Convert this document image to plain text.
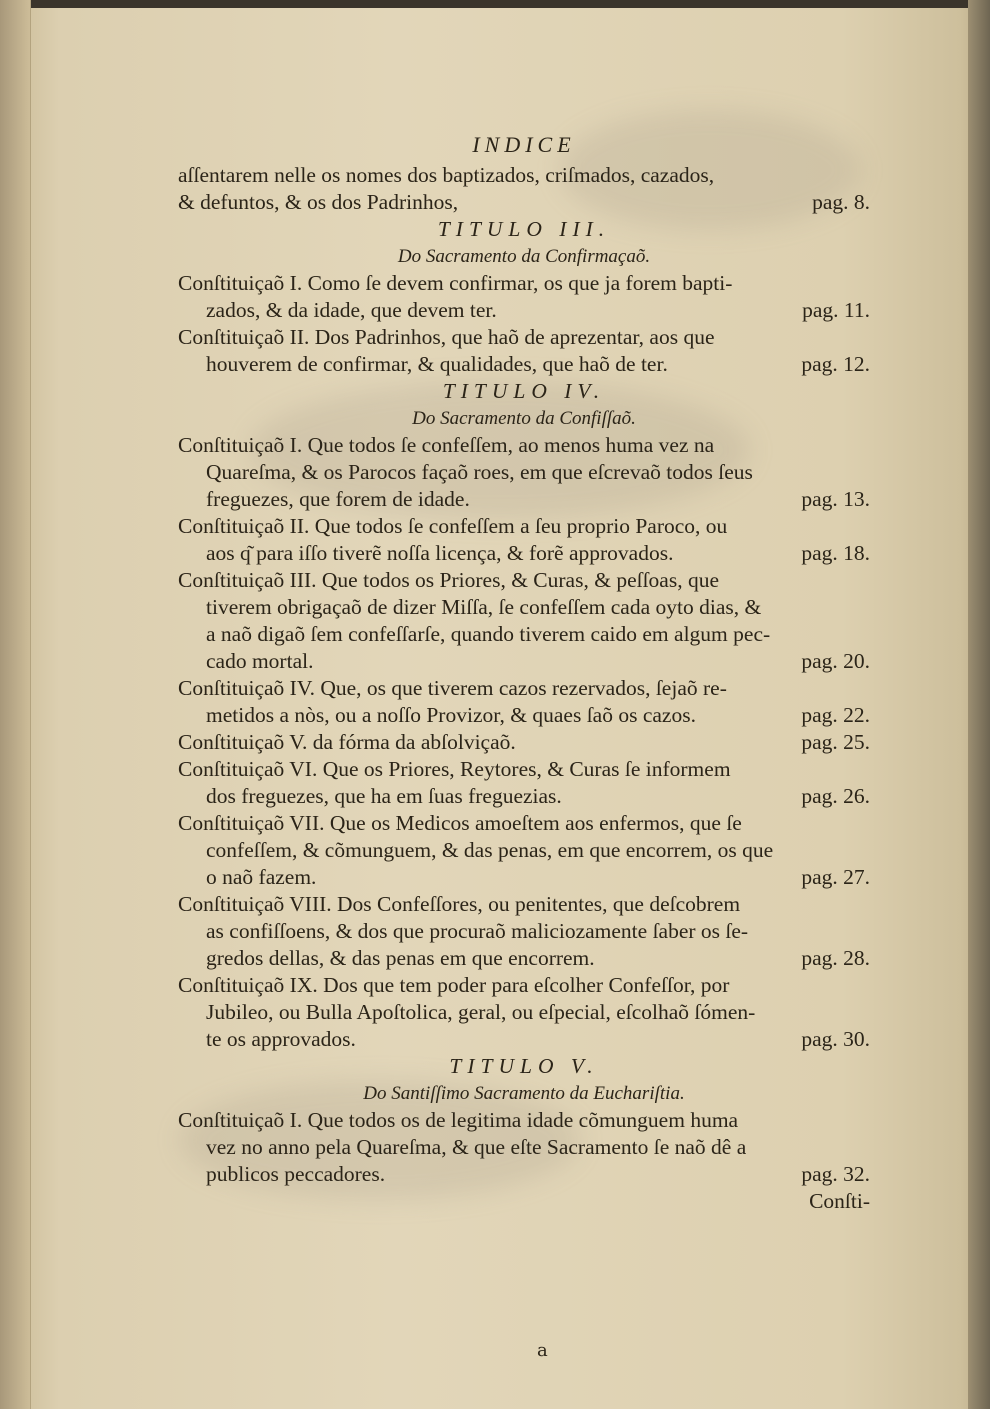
INDICE
aſſentarem nelle os nomes dos baptizados, criſmados, cazados,
& defuntos, & os dos Padrinhos,	pag. 8.
TITULO III.
Do Sacramento da Confirmaçaõ.
Conſtituiçaõ I. Como ſe devem confirmar, os que ja forem bapti-
zados, & da idade, que devem ter.	pag. 11.
Conſtituiçaõ II. Dos Padrinhos, que haõ de aprezentar, aos que
houverem de confirmar, & qualidades, que haõ de ter.	pag. 12.
TITULO IV.
Do Sacramento da Confiſſaõ.
Conſtituiçaõ I. Que todos ſe confeſſem, ao menos huma vez na
Quareſma, & os Parocos façaõ roes, em que eſcrevaõ todos ſeus
freguezes, que forem de idade.	pag. 13.
Conſtituiçaõ II. Que todos ſe confeſſem a ſeu proprio Paroco, ou
aos q͂ para iſſo tiverẽ noſſa licença, & forẽ approvados.	pag. 18.
Conſtituiçaõ III. Que todos os Priores, & Curas, & peſſoas, que
tiverem obrigaçaõ de dizer Miſſa, ſe confeſſem cada oyto dias, &
a naõ digaõ ſem confeſſarſe, quando tiverem caido em algum pec-
cado mortal.	pag. 20.
Conſtituiçaõ IV. Que, os que tiverem cazos rezervados, ſejaõ re-
metidos a nòs, ou a noſſo Provizor, & quaes ſaõ os cazos.	pag. 22.
Conſtituiçaõ V. da fórma da abſolviçaõ.	pag. 25.
Conſtituiçaõ VI. Que os Priores, Reytores, & Curas ſe informem
dos freguezes, que ha em ſuas freguezias.	pag. 26.
Conſtituiçaõ VII. Que os Medicos amoeſtem aos enfermos, que ſe
confeſſem, & cõmunguem, & das penas, em que encorrem, os que
o naõ fazem.	pag. 27.
Conſtituiçaõ VIII. Dos Confeſſores, ou penitentes, que deſcobrem
as confiſſoens, & dos que procuraõ maliciozamente ſaber os ſe-
gredos dellas, & das penas em que encorrem.	pag. 28.
Conſtituiçaõ IX. Dos que tem poder para eſcolher Confeſſor, por
Jubileo, ou Bulla Apoſtolica, geral, ou eſpecial, eſcolhaõ ſómen-
te os approvados.	pag. 30.
TITULO V.
Do Santiſſimo Sacramento da Euchariſtia.
Conſtituiçaõ I. Que todos os de legitima idade cõmunguem huma
vez no anno pela Quareſma, & que eſte Sacramento ſe naõ dê a
publicos peccadores.	pag. 32.
Conſti-
a
